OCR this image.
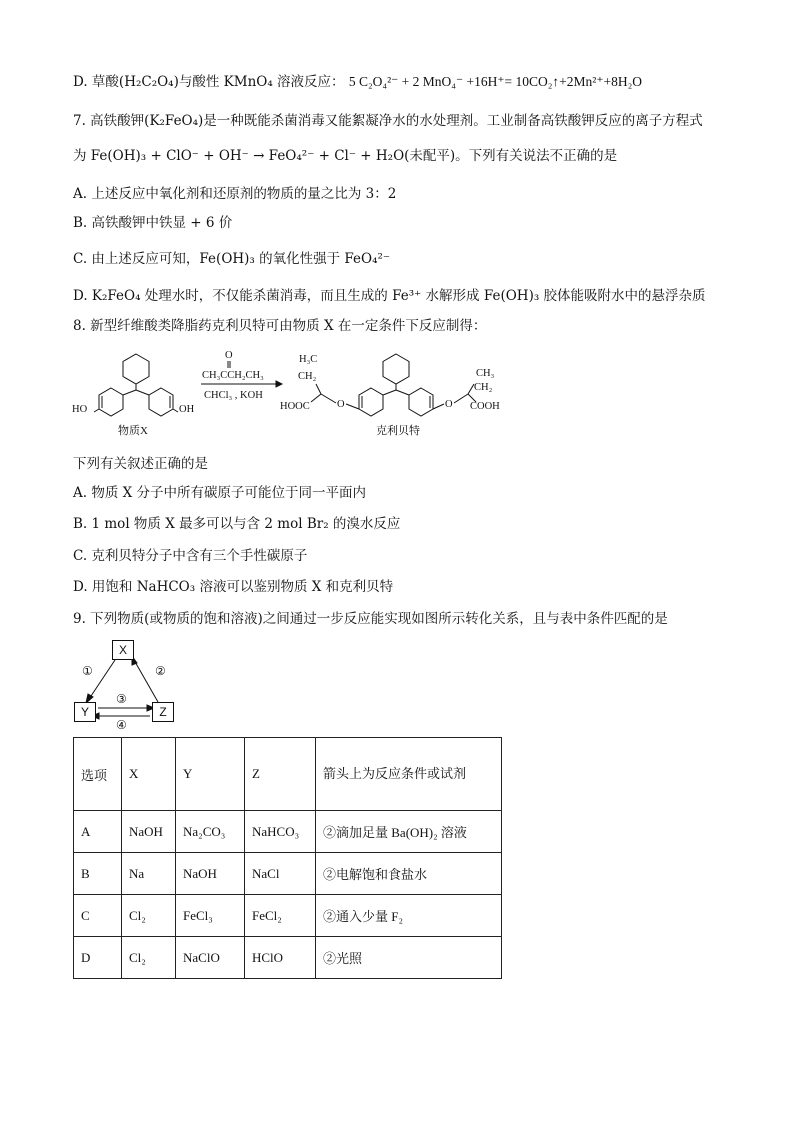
D. 草酸(H₂C₂O₄)与酸性 KMnO₄ 溶液反应： 5 C₂O₄²⁻ + 2 MnO₄⁻ +16H⁺= 10CO₂↑+2Mn²⁺+8H₂O
7. 高铁酸钾(K₂FeO₄)是一种既能杀菌消毒又能絮凝净水的水处理剂。工业制备高铁酸钾反应的离子方程式
为 Fe(OH)₃ + ClO⁻ + OH⁻ → FeO₄²⁻ + Cl⁻ + H₂O(未配平)。下列有关说法不正确的是
A. 上述反应中氧化剂和还原剂的物质的量之比为 3：2
B. 高铁酸钾中铁显 + 6 价
C. 由上述反应可知，Fe(OH)₃ 的氧化性强于 FeO₄²⁻
D. K₂FeO₄ 处理水时，不仅能杀菌消毒，而且生成的 Fe³⁺ 水解形成 Fe(OH)₃ 胶体能吸附水中的悬浮杂质
8. 新型纤维酸类降脂药克利贝特可由物质 X 在一定条件下反应制得：
HO	OH
O
CH₃CCH₂CH₃
CHCl₃ , KOH
O	O
H₃C
CH₂
HOOC
CH₃
CH₂
COOH
物质X	克利贝特
下列有关叙述正确的是
A. 物质 X 分子中所有碳原子可能位于同一平面内
B. 1 mol 物质 X 最多可以与含 2 mol Br₂ 的溴水反应
C. 克利贝特分子中含有三个手性碳原子
D. 用饱和 NaHCO₃ 溶液可以鉴别物质 X 和克利贝特
9. 下列物质(或物质的饱和溶液)之间通过一步反应能实现如图所示转化关系，且与表中条件匹配的是
X
Y	Z
①	②
③
④
选项	X	Y	Z	箭头上为反应条件或试剂
A	NaOH	Na₂CO₃	NaHCO₃	②滴加足量 Ba(OH)₂ 溶液
B	Na	NaOH	NaCl	②电解饱和食盐水
C	Cl₂	FeCl₃	FeCl₂	②通入少量 F₂
D	Cl₂	NaClO	HClO	②光照
